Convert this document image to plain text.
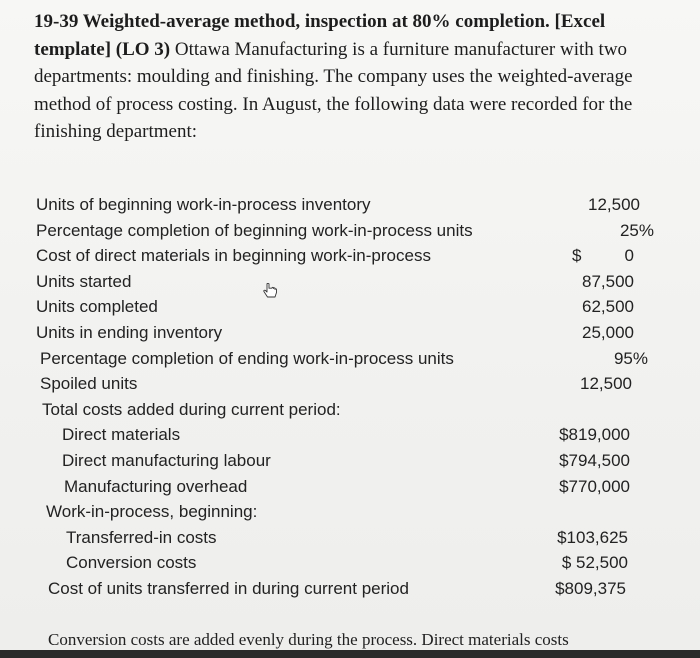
19-39 Weighted-average method, inspection at 80% completion. [Excel template] (LO 3) Ottawa Manufacturing is a furniture manufacturer with two departments: moulding and finishing. The company uses the weighted-average method of process costing. In August, the following data were recorded for the finishing department:
Units of beginning work-in-process inventory	12,500
Percentage completion of beginning work-in-process units	25%
Cost of direct materials in beginning work-in-process	$	0
Units started	87,500
Units completed	62,500
Units in ending inventory	25,000
Percentage completion of ending work-in-process units	95%
Spoiled units	12,500
Total costs added during current period:
Direct materials	$819,000
Direct manufacturing labour	$794,500
Manufacturing overhead	$770,000
Work-in-process, beginning:
Transferred-in costs	$103,625
Conversion costs	$ 52,500
Cost of units transferred in during current period	$809,375
Conversion costs are added evenly during the process. Direct materials costs
